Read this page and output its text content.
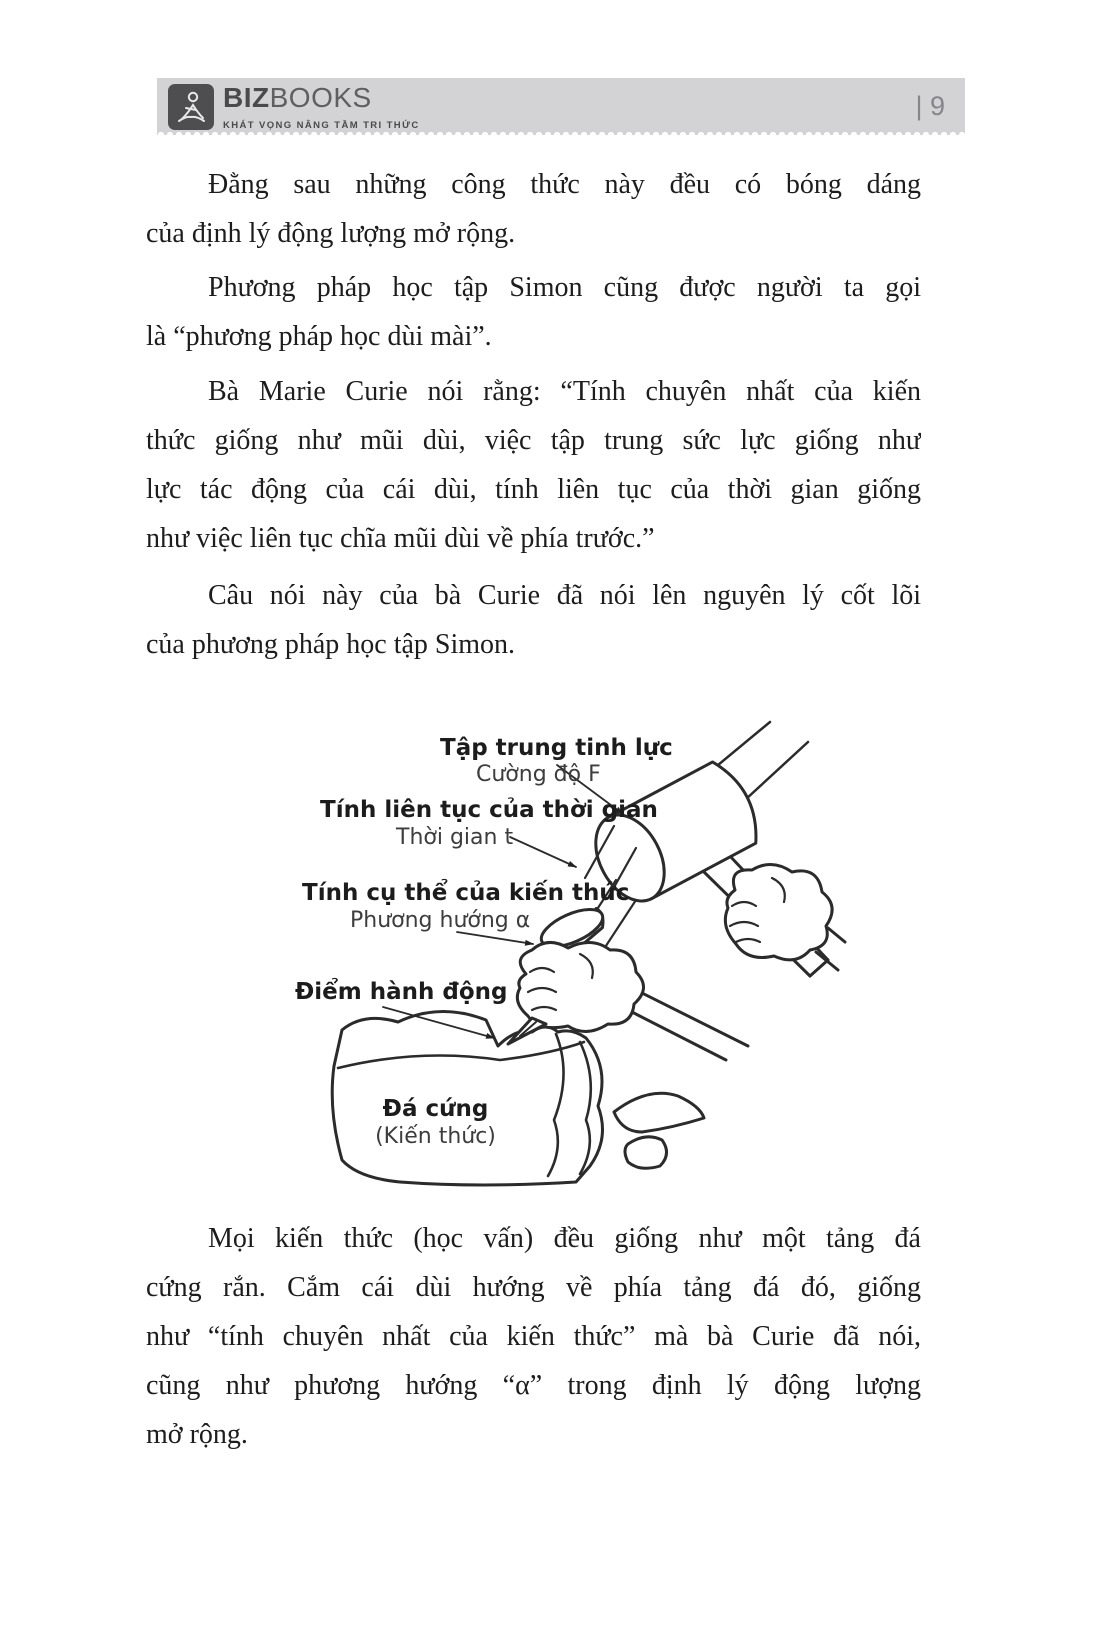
BIZBOOKS
KHÁT VỌNG NÂNG TẦM TRI THỨC
| 9
Đằng sau những công thức này đều có bóng dáng
của định lý động lượng mở rộng.
Phương pháp học tập Simon cũng được người ta gọi
là “phương pháp học dùi mài”.
Bà Marie Curie nói rằng: “Tính chuyên nhất của kiến
thức giống như mũi dùi, việc tập trung sức lực giống như
lực tác động của cái dùi, tính liên tục của thời gian giống
như việc liên tục chĩa mũi dùi về phía trước.”
Câu nói này của bà Curie đã nói lên nguyên lý cốt lõi
của phương pháp học tập Simon.
Tập trung tinh lực
Cường độ F
Tính liên tục của thời gian
Thời gian t
Tính cụ thể của kiến thức
Phương hướng α
Điểm hành động
Đá cứng
(Kiến thức)
Mọi kiến thức (học vấn) đều giống như một tảng đá
cứng rắn. Cắm cái dùi hướng về phía tảng đá đó, giống
như “tính chuyên nhất của kiến thức” mà bà Curie đã nói,
cũng như phương hướng “α” trong định lý động lượng
mở rộng.
